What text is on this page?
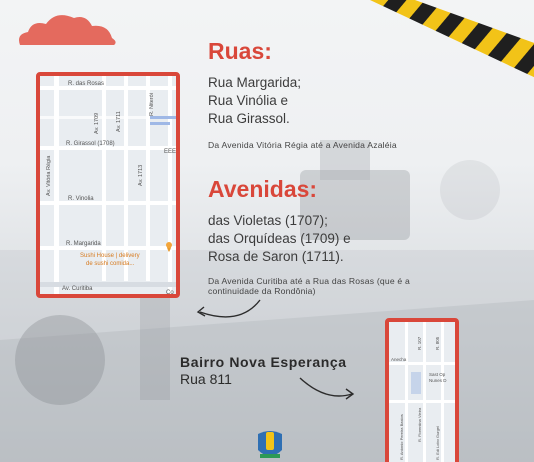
R. das Rosas
Av. 1709	Av. 1711
R. Niterói
Av. Vitória Régia
R. Girassol (1708)
Av. 1713
EEE
R. Vinolia
R. Margarida
Sushi House | delivery
de sushi comida...
Av. Curitiba
Co
Ruas:
Rua Margarida;
Rua Vinólia e
Rua Girassol.
Da Avenida Vitória Régia até a Avenida Azaléia
Avenidas:
das Violetas (1707);
das Orquídeas (1709) e
Rosa de Saron (1711).
Da Avenida Curitiba até a Rua das Rosas (que é a continuidade da Rondônia)
Bairro Nova Esperança
Rua 811
R. 107	R. 805
Anecha
Sast Op
Nunes D
R. Antonio Pereira Bastos	R. Florentina Vieira
R. Edi Lobo Gurgel
